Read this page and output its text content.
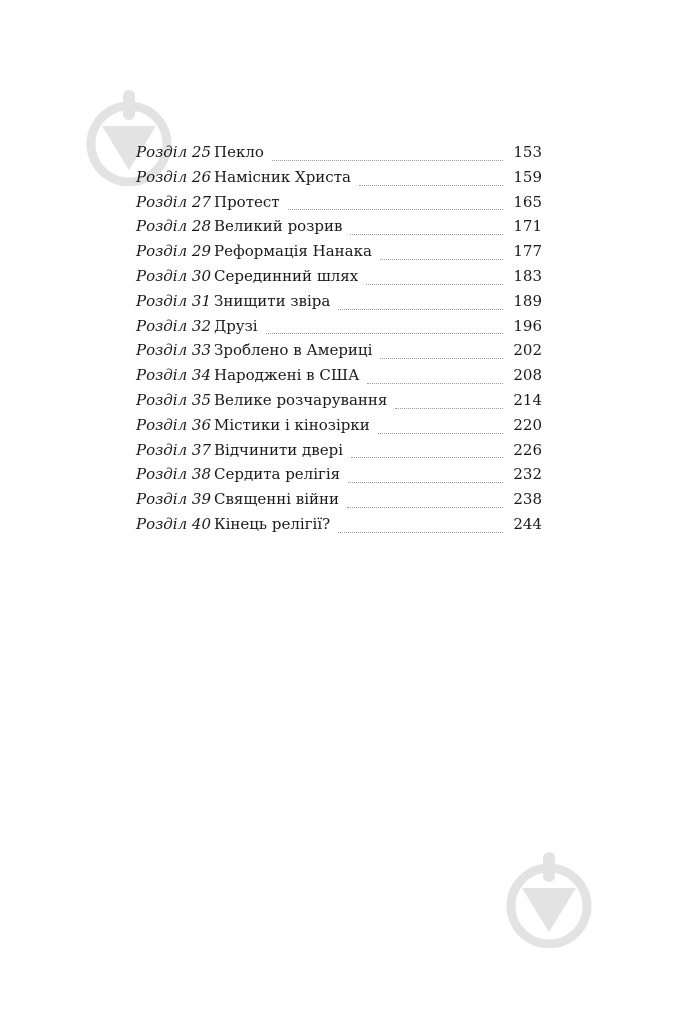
Розділ 25 Пекло	153
Розділ 26 Намісник Христа	159
Розділ 27 Протест	165
Розділ 28 Великий розрив	171
Розділ 29 Реформація Нанака	177
Розділ 30 Серединний шлях	183
Розділ 31 Знищити звіра	189
Розділ 32 Друзі	196
Розділ 33 Зроблено в Америці	202
Розділ 34 Народжені в США	208
Розділ 35 Велике розчарування	214
Розділ 36 Містики і кінозірки	220
Розділ 37 Відчинити двері	226
Розділ 38 Сердита релігія	232
Розділ 39 Священні війни	238
Розділ 40 Кінець релігії?	244
